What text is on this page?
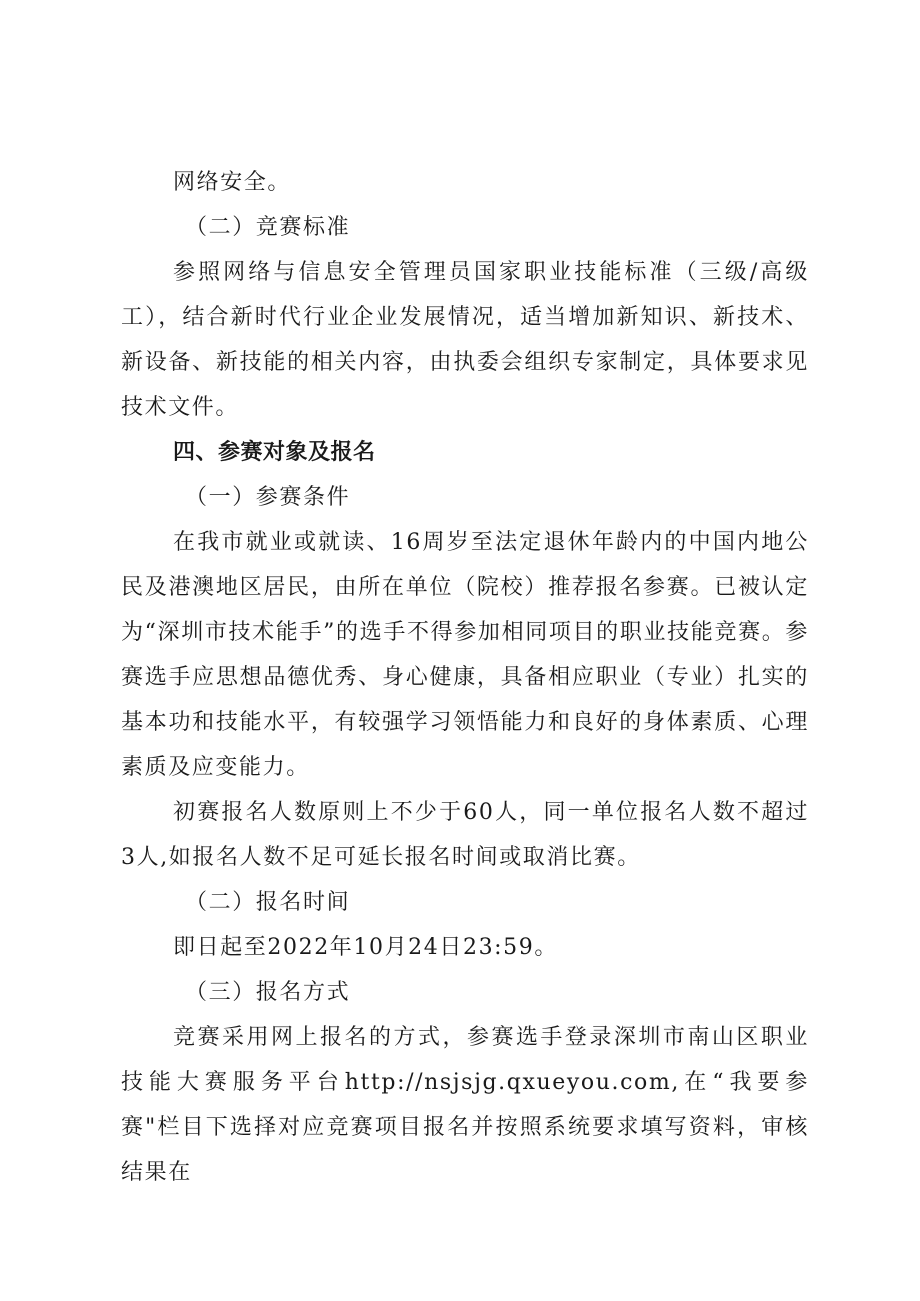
网络安全。

（二）竞赛标准

参照网络与信息安全管理员国家职业技能标准（三级/高级工），结合新时代行业企业发展情况，适当增加新知识、新技术、新设备、新技能的相关内容，由执委会组织专家制定，具体要求见技术文件。

四、参赛对象及报名

（一）参赛条件

在我市就业或就读、16周岁至法定退休年龄内的中国内地公民及港澳地区居民，由所在单位（院校）推荐报名参赛。已被认定为“深圳市技术能手”的选手不得参加相同项目的职业技能竞赛。参赛选手应思想品德优秀、身心健康，具备相应职业（专业）扎实的基本功和技能水平，有较强学习领悟能力和良好的身体素质、心理素质及应变能力。

初赛报名人数原则上不少于60人，同一单位报名人数不超过3人,如报名人数不足可延长报名时间或取消比赛。

（二）报名时间

即日起至2022年10月24日23:59。

（三）报名方式

竞赛采用网上报名的方式，参赛选手登录深圳市南山区职业技能大赛服务平台http://nsjsjg.qxueyou.com,在“我要参赛"栏目下选择对应竞赛项目报名并按照系统要求填写资料，审核结果在
